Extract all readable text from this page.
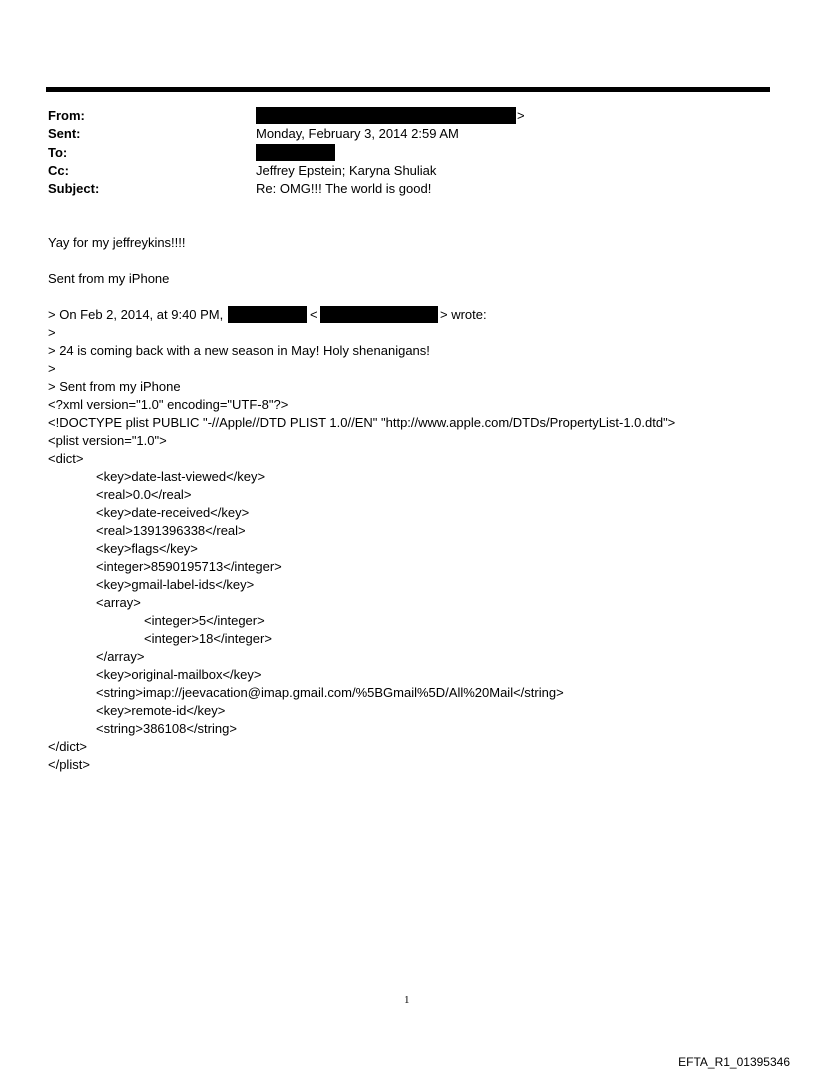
From:	>
Sent:	Monday, February 3, 2014 2:59 AM
To:
Cc:	Jeffrey Epstein; Karyna Shuliak
Subject:	Re: OMG!!! The world is good!
Yay for my jeffreykins!!!!
Sent from my iPhone
> On Feb 2, 2014, at 9:40 PM,	<	> wrote:
>
> 24 is coming back with a new season in May! Holy shenanigans!
>
> Sent from my iPhone
<?xml version="1.0" encoding="UTF-8"?>
<!DOCTYPE plist PUBLIC "-//Apple//DTD PLIST 1.0//EN" "http://www.apple.com/DTDs/PropertyList-1.0.dtd">
<plist version="1.0">
<dict>
<key>date-last-viewed</key>
<real>0.0</real>
<key>date-received</key>
<real>1391396338</real>
<key>flags</key>
<integer>8590195713</integer>
<key>gmail-label-ids</key>
<array>
<integer>5</integer>
<integer>18</integer>
</array>
<key>original-mailbox</key>
<string>imap://jeevacation@imap.gmail.com/%5BGmail%5D/All%20Mail</string>
<key>remote-id</key>
<string>386108</string>
</dict>
</plist>
1
EFTA_R1_01395346
